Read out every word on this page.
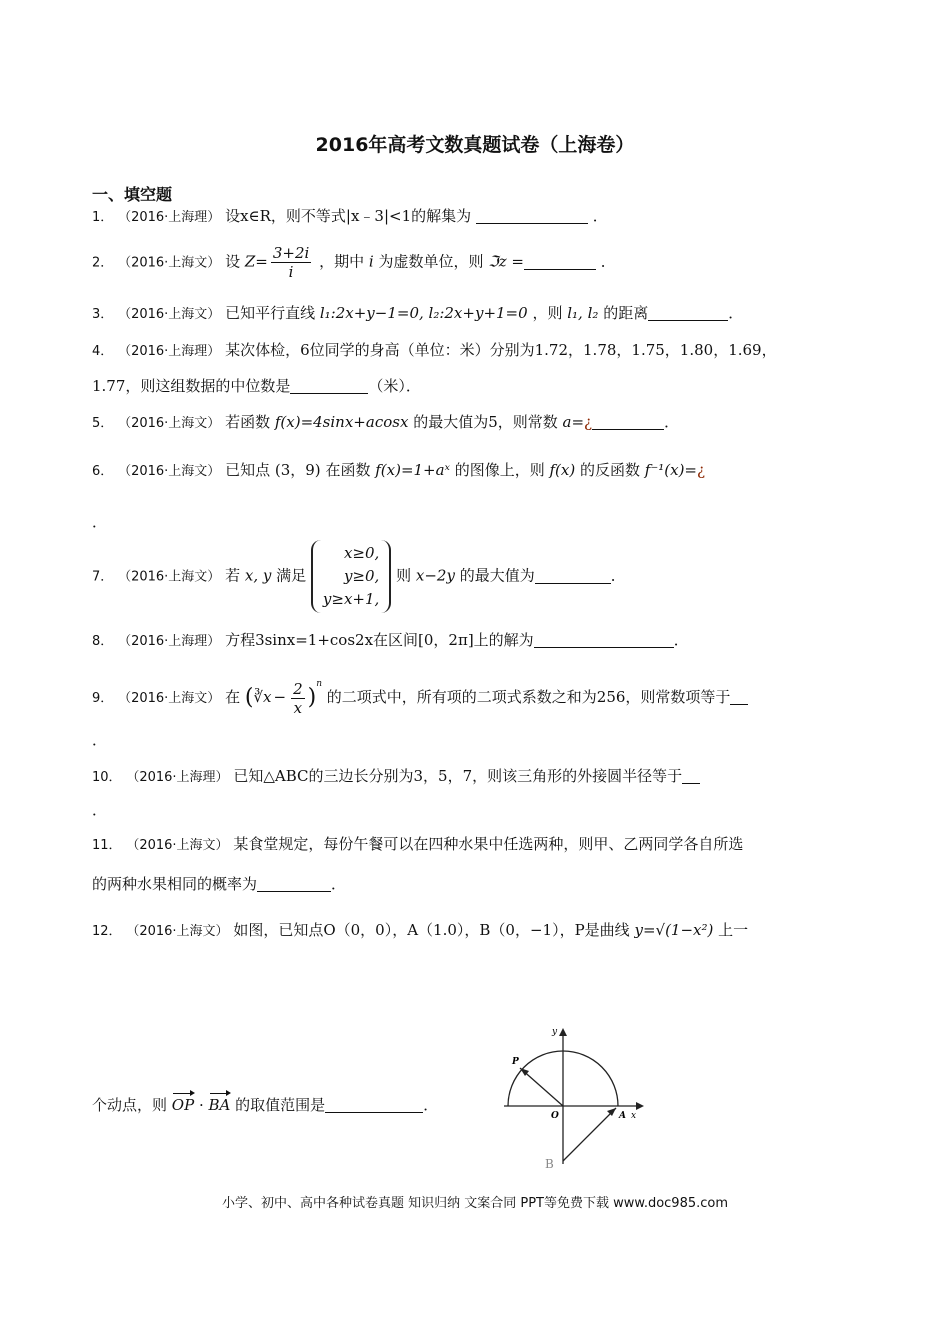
2016年高考文数真题试卷（上海卷）
一、填空题
1． （2016·上海理） 设x∈R，则不等式|x﹣3|<1的解集为	．
2． （2016·上海文） 设 $Z= \frac{3+2i}{i}$ ，期中 i 为虚数单位，则 ℑz =	．
3． （2016·上海文） 已知平行直线 l₁:2x+y−1=0, l₂:2x+y+1=0 ，则 l₁, l₂ 的距离	．
4． （2016·上海理） 某次体检，6位同学的身高（单位：米）分别为1.72，1.78，1.75，1.80，1.69，
1.77，则这组数据的中位数是	（米）．
5． （2016·上海文） 若函数 f(x)=4sinx+acosx 的最大值为5，则常数 a=¿	．
6． （2016·上海文） 已知点 (3，9) 在函数 f(x)=1+aˣ 的图像上，则 f(x) 的反函数 f⁻¹(x)=¿
．
7． （2016·上海文） 若 x, y 满足
x≥0,
y≥0,
y≥x+1,
则 x−2y 的最大值为	．
8． （2016·上海理） 方程3sinx=1+cos2x在区间[0，2π]上的解为	．
9． （2016·上海文） 在 (∛x − $\frac{2}{x} )^n$ 的二项式中，所有项的二项式系数之和为256，则常数项等于
．
10． （2016·上海理） 已知△ABC的三边长分别为3，5，7，则该三角形的外接圆半径等于
．
11． （2016·上海文） 某食堂规定，每份午餐可以在四种水果中任选两种，则甲、乙两同学各自所选
的两种水果相同的概率为	．
12． （2016·上海文） 如图，已知点O（0，0），A（1.0），B（0，−1），P是曲线 y=√(1−x²) 上一
个动点，则 OP · BA 的取值范围是	．
y
P
O	A x
B
小学、初中、高中各种试卷真题 知识归纳 文案合同 PPT等免费下载 www.doc985.com
